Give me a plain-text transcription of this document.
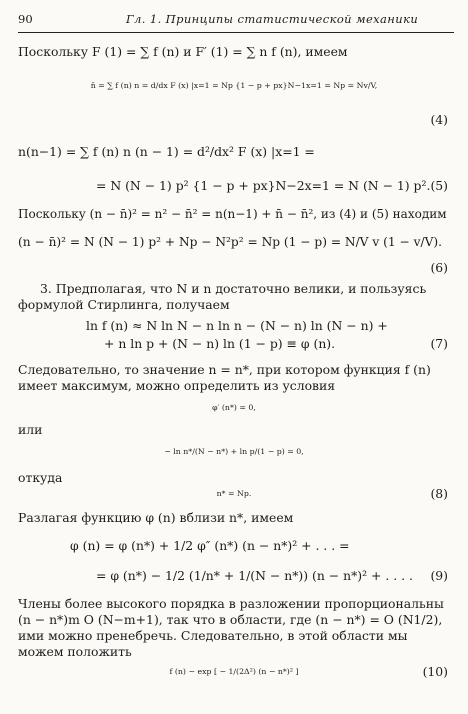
90	Гл. 1. Принципы статистической механики
Поскольку F (1) = ∑ f (n) и F′ (1) = ∑ n f (n), имеем
n̄ = ∑ f (n) n = d/dx F (x) |x=1 = Np {1 − p + px}N−1x=1 = Np = Nv/V,
(4)
n(n−1) = ∑ f (n) n (n − 1) = d²/dx² F (x) |x=1 =
= N (N − 1) p² {1 − p + px}N−2x=1 = N (N − 1) p². (5)
Поскольку (n − n̄)² = n² − n̄² = n(n−1) + n̄ − n̄², из (4) и (5) находим
(n − n̄)² = N (N − 1) p² + Np − N²p² = Np (1 − p) = N/V v (1 − v/V).
(6)
3. Предполагая, что N и n достаточно велики, и пользуясь
формулой Стирлинга, получаем
ln f (n) ≈ N ln N − n ln n − (N − n) ln (N − n) +
+ n ln p + (N − n) ln (1 − p) ≡ φ (n).	(7)
Следовательно, то значение n = n*, при котором функция f (n)
имеет максимум, можно определить из условия
φ′ (n*) = 0,
или
− ln n*/(N − n*) + ln p/(1 − p) = 0,
откуда
n* = Np.	(8)
Разлагая функцию φ (n) вблизи n*, имеем
φ (n) = φ (n*) + 1/2 φ″ (n*) (n − n*)² + . . . =
= φ (n*) − 1/2 (1/n* + 1/(N − n*)) (n − n*)² + . . . . (9)
Члены более высокого порядка в разложении пропорциональны
(n − n*)m O (N−m+1), так что в области, где (n − n*) = O (N1/2),
ими можно пренебречь. Следовательно, в этой области мы
можем положить
f (n) ∼ exp [ − 1/(2Δ²) (n − n*)² ]	(10)
